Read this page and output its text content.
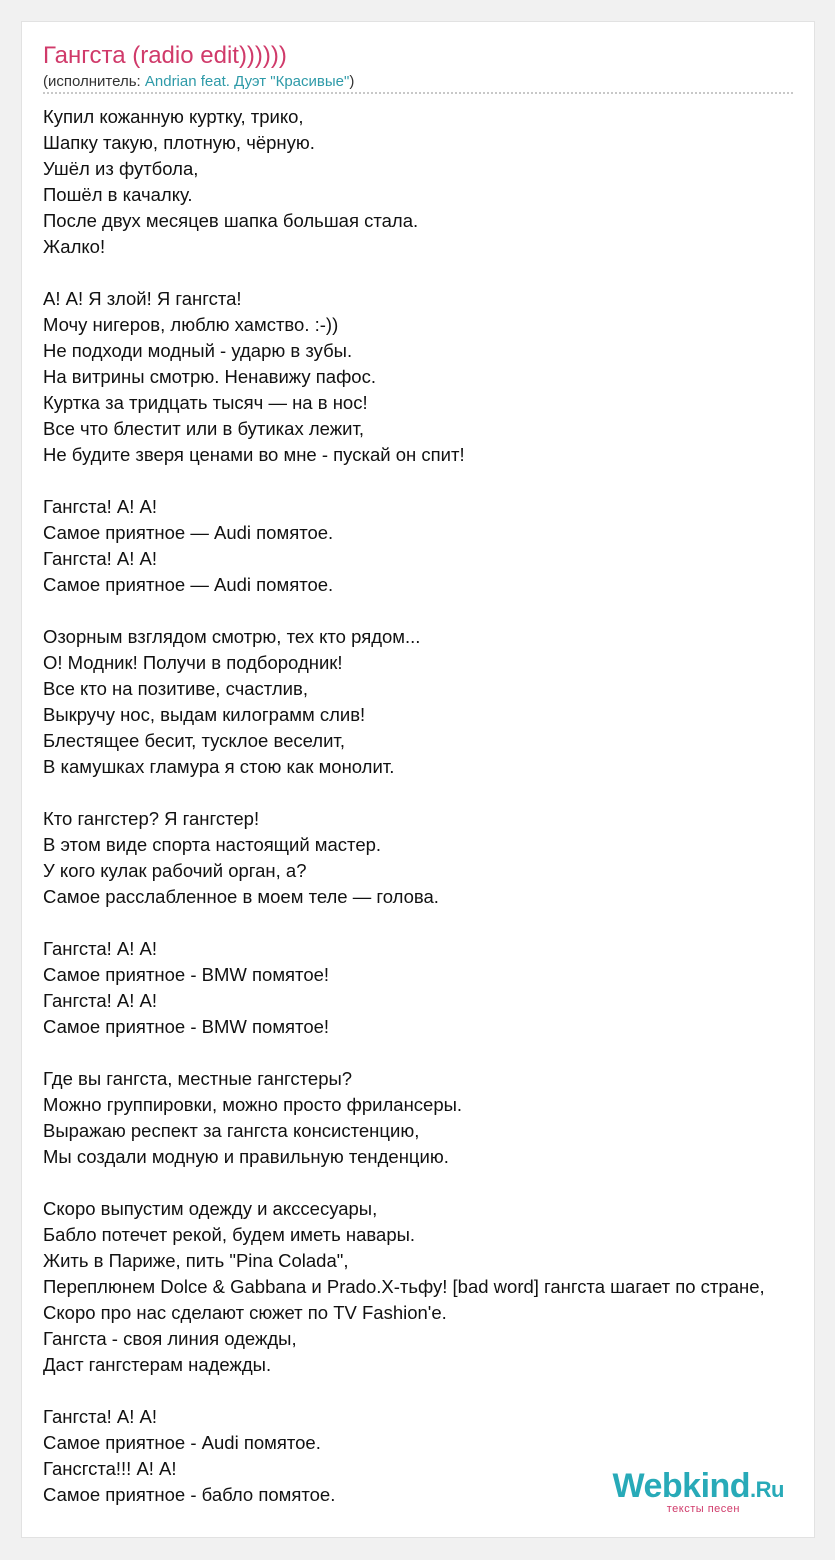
Гангста (radio edit))))))
(исполнитель: Andrian feat. Дуэт "Красивые")
Купил кожанную куртку, трико,
Шапку такую, плотную, чёрную.
Ушёл из футбола,
Пошёл в качалку.
После двух месяцев шапка большая стала.
Жалко!
А! А! Я злой! Я гангста!
Мочу нигеров, люблю хамство. :-))
Не подходи модный - ударю в зубы.
На витрины смотрю. Ненавижу пафос.
Куртка за тридцать тысяч — на в нос!
Все что блестит или в бутиках лежит,
Не будите зверя ценами во мне - пускай он спит!
Гангста! А! А!
Самое приятное — Audi помятое.
Гангста! А! А!
Самое приятное — Audi помятое.
Озорным взглядом смотрю, тех кто рядом...
О! Модник! Получи в подбородник!
Все кто на позитиве, счастлив,
Выкручу нос, выдам килограмм слив!
Блестящее бесит, тусклое веселит,
В камушках гламура я стою как монолит.
Кто гангстер? Я гангстер!
В этом виде спорта настоящий мастер.
У кого кулак рабочий орган, а?
Самое расслабленное в моем теле — голова.
Гангста! А! А!
Самое приятное - BMW помятое!
Гангста! А! А!
Самое приятное - BMW помятое!
Где вы гангста, местные гангстеры?
Можно группировки, можно просто фрилансеры.
Выражаю респект за гангста консистенцию,
Мы создали модную и правильную тенденцию.
Скоро выпустим одежду и акссесуары,
Бабло потечет рекой, будем иметь навары.
Жить в Париже, пить "Pina Colada",
Переплюнем Dolce & Gabbana и Prado.Х-тьфу! [bad word] гангста шагает по стране,
Скоро про нас сделают сюжет по TV Fashion'е.
Гангста - своя линия одежды,
Даст гангстерам надежды.
Гангста! А! А!
Самое приятное - Audi помятое.
Гансгста!!! А! А!
Самое приятное - бабло помятое.	Webkind.Ru
тексты песен
